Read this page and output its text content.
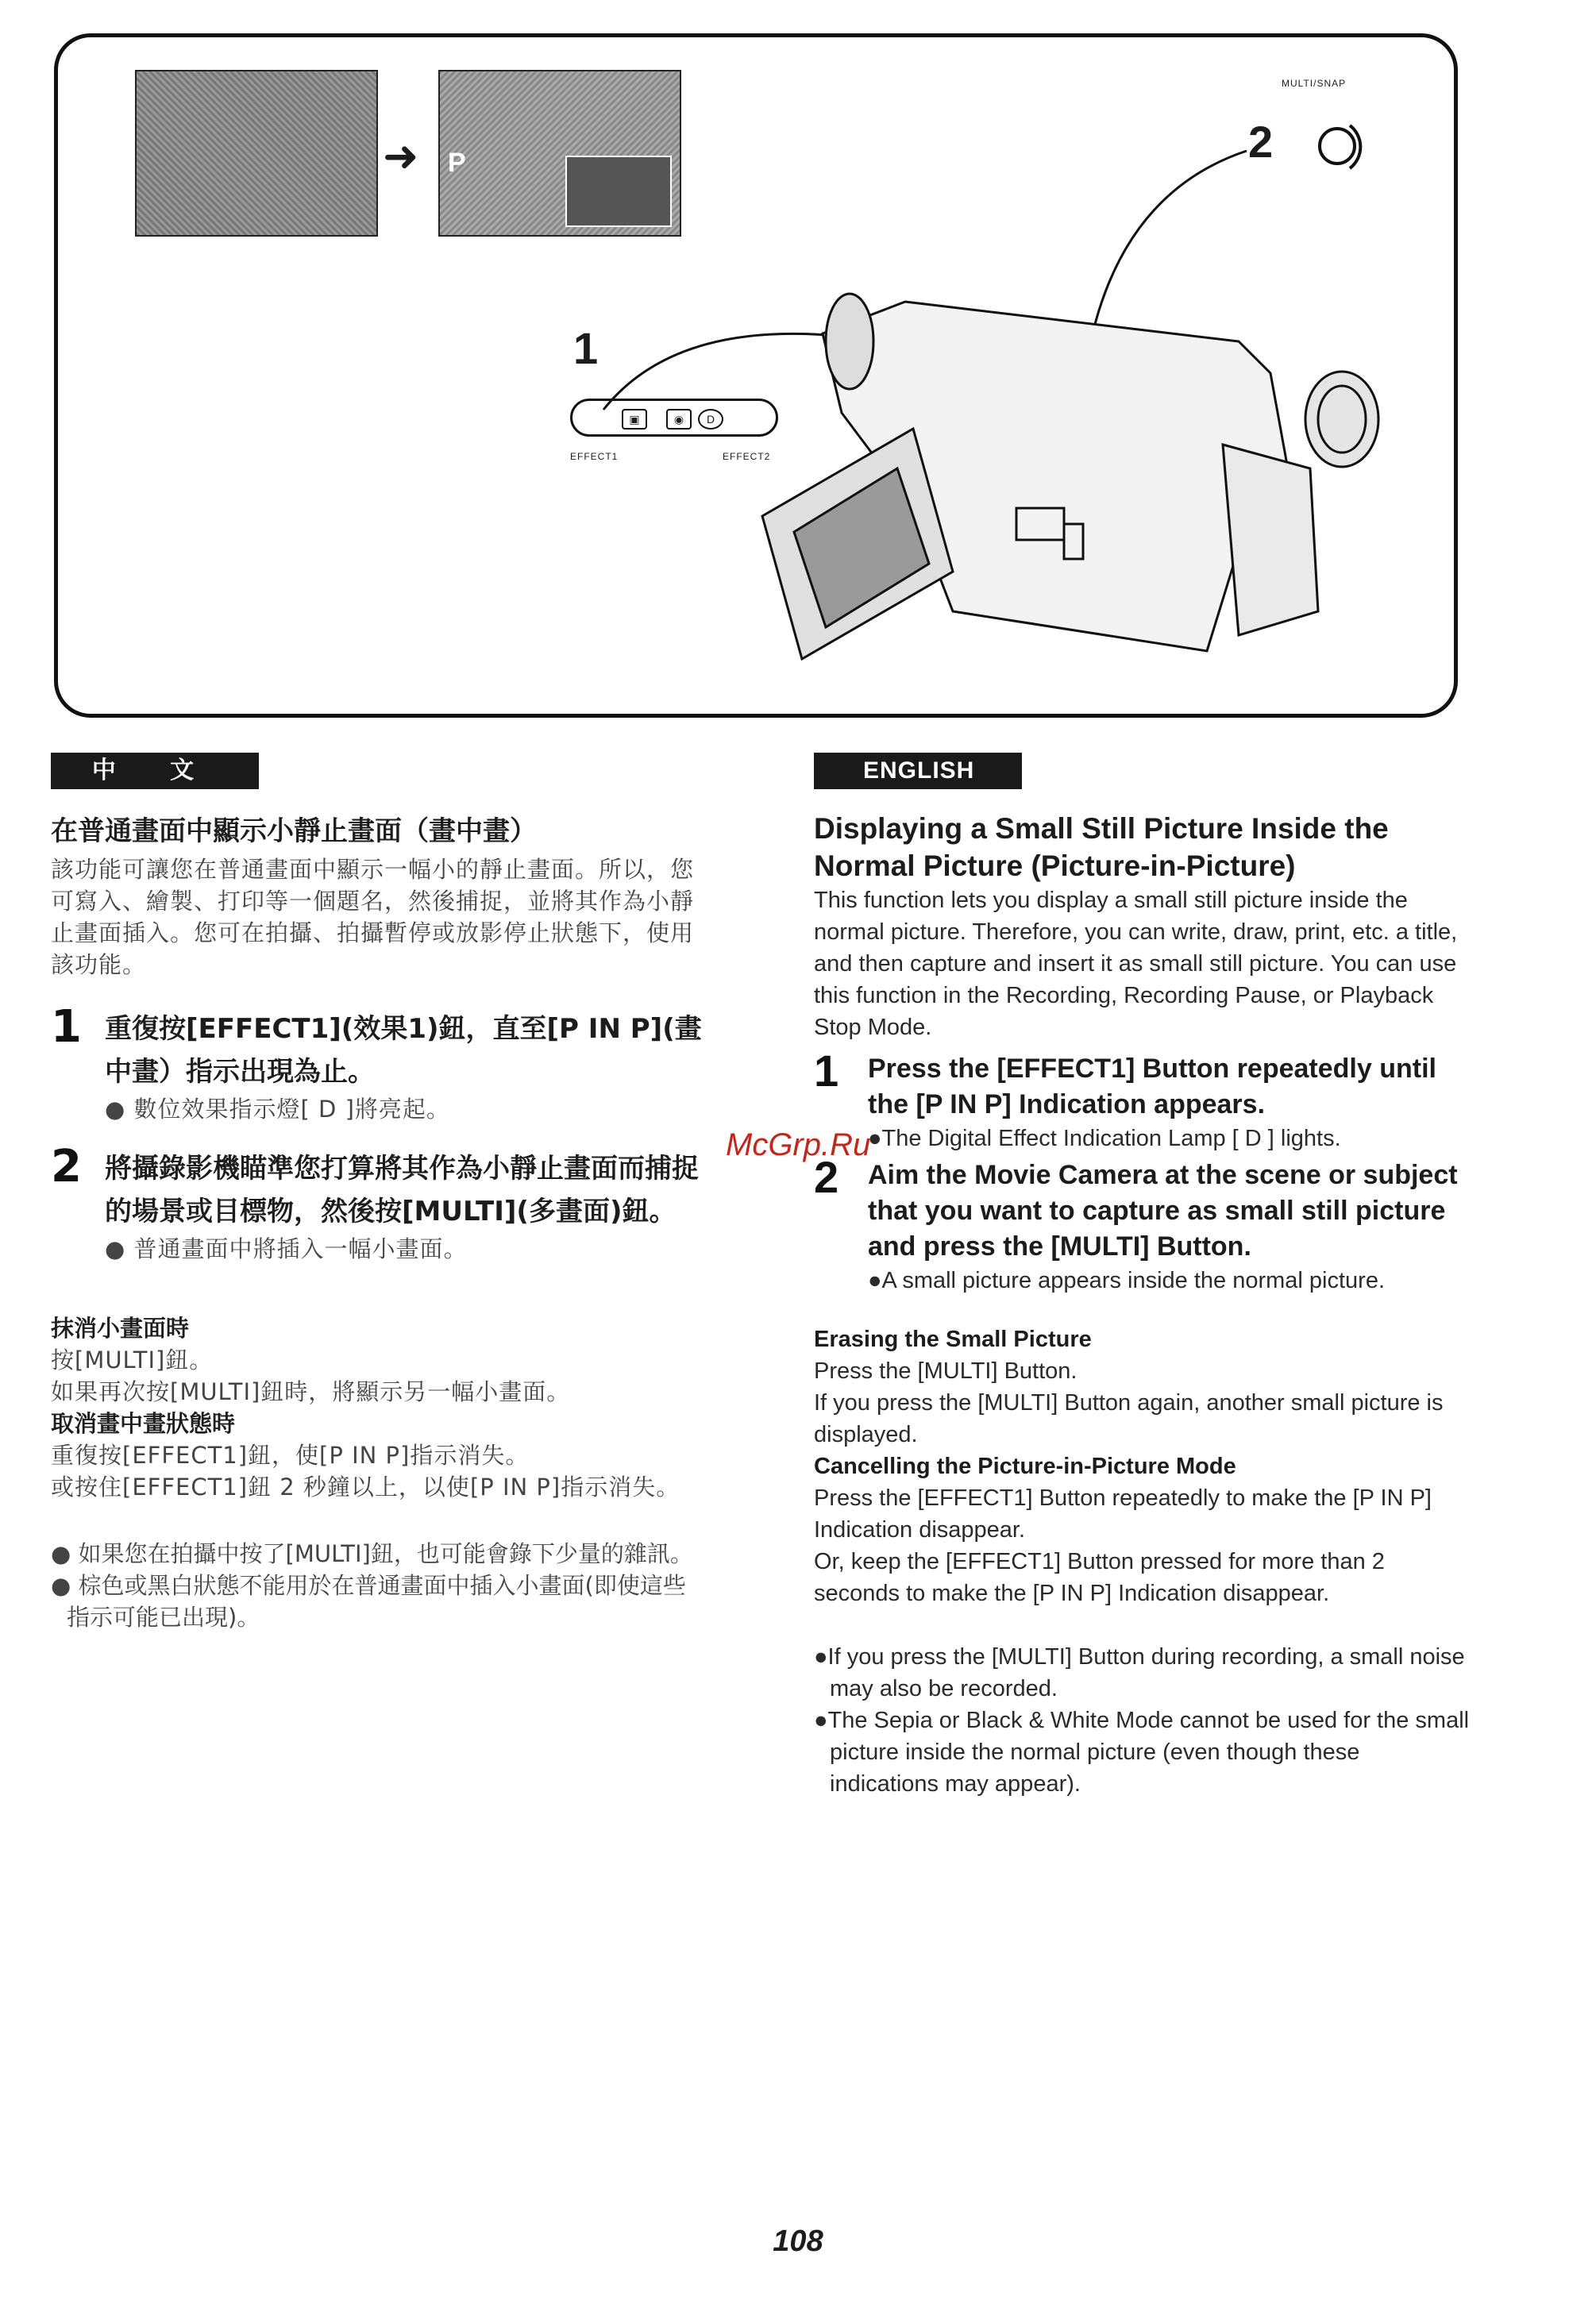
➜ P
MULTI/SNAP
2
1
▣	◉	D
EFFECT1	EFFECT2
中 文	ENGLISH

在普通畫面中顯示小靜止畫面（畫中畫）

該功能可讓您在普通畫面中顯示一幅小的靜止畫面。所以，您可寫入、繪製、打印等一個題名，然後捕捉，並將其作為小靜止畫面插入。您可在拍攝、拍攝暫停或放影停止狀態下，使用該功能。

1 重復按[EFFECT1](效果1)鈕，直至[P IN P](畫中畫）指示出現為止。

● 數位效果指示燈[ D ]將亮起。

2 將攝錄影機瞄準您打算將其作為小靜止畫面而捕捉的場景或目標物，然後按[MULTI](多畫面)鈕。

● 普通畫面中將插入一幅小畫面。

抹消小畫面時

按[MULTI]鈕。

如果再次按[MULTI]鈕時，將顯示另一幅小畫面。

取消畫中畫狀態時

重復按[EFFECT1]鈕，使[P IN P]指示消失。

或按住[EFFECT1]鈕 2 秒鐘以上，以使[P IN P]指示消失。

● 如果您在拍攝中按了[MULTI]鈕，也可能會錄下少量的雜訊。

● 棕色或黑白狀態不能用於在普通畫面中插入小畫面(即使這些指示可能已出現)。

Displaying a Small Still Picture Inside the Normal Picture (Picture-in-Picture)

This function lets you display a small still picture inside the normal picture. Therefore, you can write, draw, print, etc. a title, and then capture and insert it as small still picture. You can use this function in the Recording, Recording Pause, or Playback Stop Mode.

1 Press the [EFFECT1] Button repeatedly until the [P IN P] Indication appears.

●The Digital Effect Indication Lamp [ D ] lights.

2 Aim the Movie Camera at the scene or subject that you want to capture as small still picture and press the [MULTI] Button.

●A small picture appears inside the normal picture.

Erasing the Small Picture

Press the [MULTI] Button.

If you press the [MULTI] Button again, another small picture is displayed.

Cancelling the Picture-in-Picture Mode

Press the [EFFECT1] Button repeatedly to make the [P IN P] Indication disappear.

Or, keep the [EFFECT1] Button pressed for more than 2 seconds to make the [P IN P] Indication disappear.

●If you press the [MULTI] Button during recording, a small noise may also be recorded.

●The Sepia or Black & White Mode cannot be used for the small picture inside the normal picture (even though these indications may appear).

McGrp.Ru
108
